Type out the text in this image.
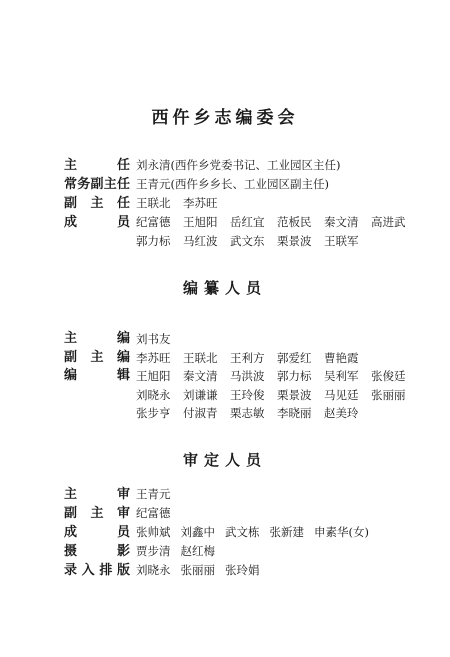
西仵乡志编委会
主	任 刘永清(西仵乡党委书记、工业园区主任)
常 务 副 主 任 王青元(西仵乡乡长、工业园区副主任)
副 主 任 王联北	李苏旺
成	员 纪富德	王旭阳	岳红宜	范板民	秦文清	高进武
郭力标	马红波	武文东	栗景波	王联军
编纂人员
主	编 刘书友
副 主 编 李苏旺	王联北	王利方	郭爱红	曹艳霞
编	辑 王旭阳	秦文清	马洪波	郭力标	吴利军	张俊廷
刘晓永	刘谦谦	王玲俊	栗景波	马见廷	张丽丽
张步亨	付淑青	栗志敏	李晓丽	赵美玲
审定人员
主	审 王青元
副 主 审 纪富德
成	员 张帅斌 刘鑫中 武文栋 张新建 申素华(女)
摄	影 贾步清 赵红梅
录 入 排 版 刘晓永 张丽丽 张玲娟
